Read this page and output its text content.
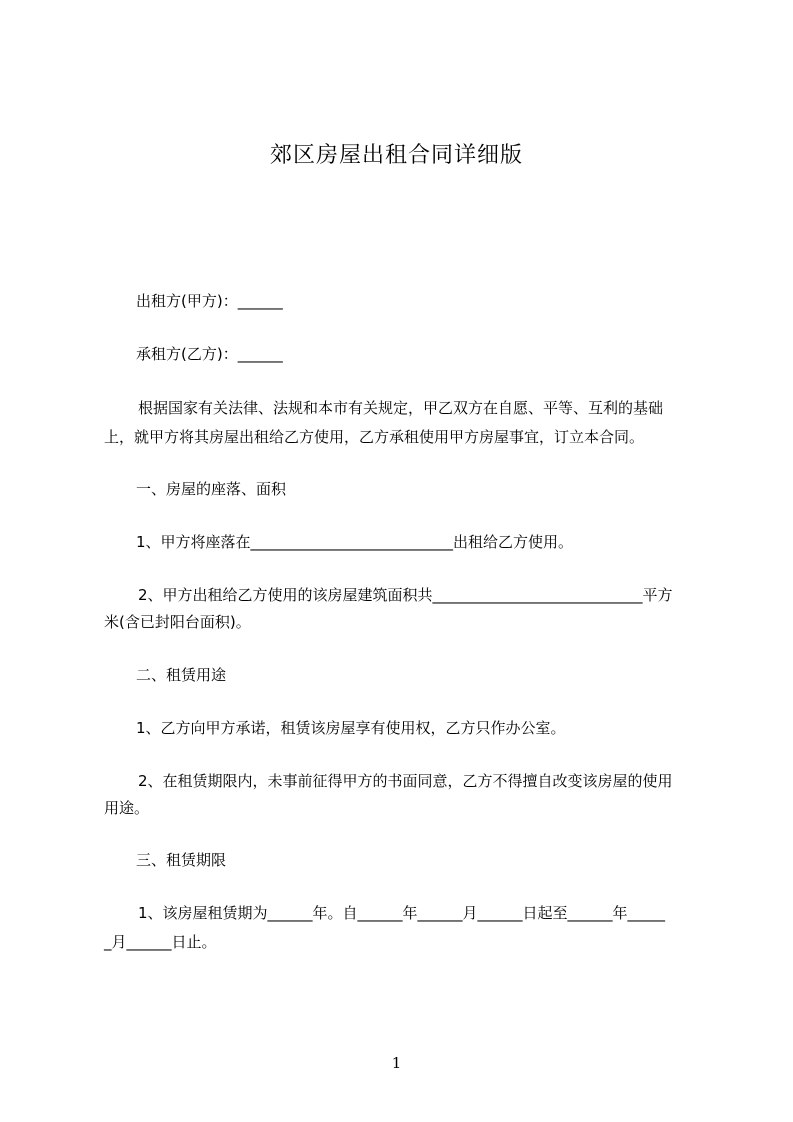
郊区房屋出租合同详细版
出租方(甲方)：______
承租方(乙方)：______
根据国家有关法律、法规和本市有关规定，甲乙双方在自愿、平等、互利的基础
上，就甲方将其房屋出租给乙方使用，乙方承租使用甲方房屋事宜，订立本合同。
一、房屋的座落、面积
1、甲方将座落在___________________________出租给乙方使用。
2、甲方出租给乙方使用的该房屋建筑面积共____________________________平方
米(含已封阳台面积)。
二、租赁用途
1、乙方向甲方承诺，租赁该房屋享有使用权，乙方只作办公室。
2、在租赁期限内，未事前征得甲方的书面同意，乙方不得擅自改变该房屋的使用
用途。
三、租赁期限
1、该房屋租赁期为______年。自______年______月______日起至______年_____
_月______日止。
1
